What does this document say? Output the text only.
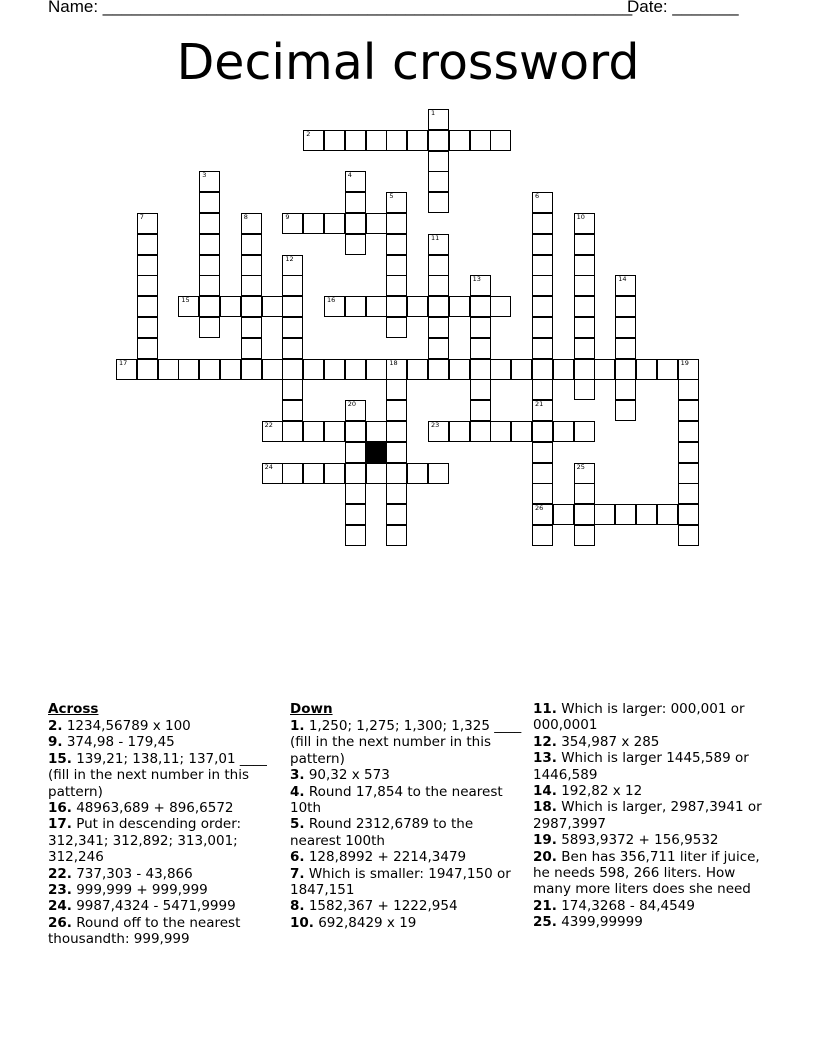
Name: ________________________________________________________
Date: _______
Decimal crossword
1
2
3	4
5	6
7	8	9	10
11
12
13	14
15	16
17	18	19
20	21
26
22	23
24	25
Across

2. 1234,56789 x 100

9. 374,98 - 179,45

15. 139,21; 138,11; 137,01 ____ (fill in the next number in this pattern)

16. 48963,689 + 896,6572

17. Put in descending order: 312,341; 312,892; 313,001; 312,246

22. 737,303 - 43,866

23. 999,999 + 999,999

24. 9987,4324 - 5471,9999

26. Round off to the nearest thousandth: 999,999

Down

1. 1,250; 1,275; 1,300; 1,325 ____ (fill in the next number in this pattern)

3. 90,32 x 573

4. Round 17,854 to the nearest 10th

5. Round 2312,6789 to the nearest 100th

6. 128,8992 + 2214,3479

7. Which is smaller: 1947,150 or 1847,151

8. 1582,367 + 1222,954

10. 692,8429 x 19

11. Which is larger: 000,001 or 000,0001

12. 354,987 x 285

13. Which is larger 1445,589 or 1446,589

14. 192,82 x 12

18. Which is larger, 2987,3941 or 2987,3997

19. 5893,9372 + 156,9532

20. Ben has 356,711 liter if juice, he needs 598, 266 liters. How many more liters does she need

21. 174,3268 - 84,4549

25. 4399,99999
